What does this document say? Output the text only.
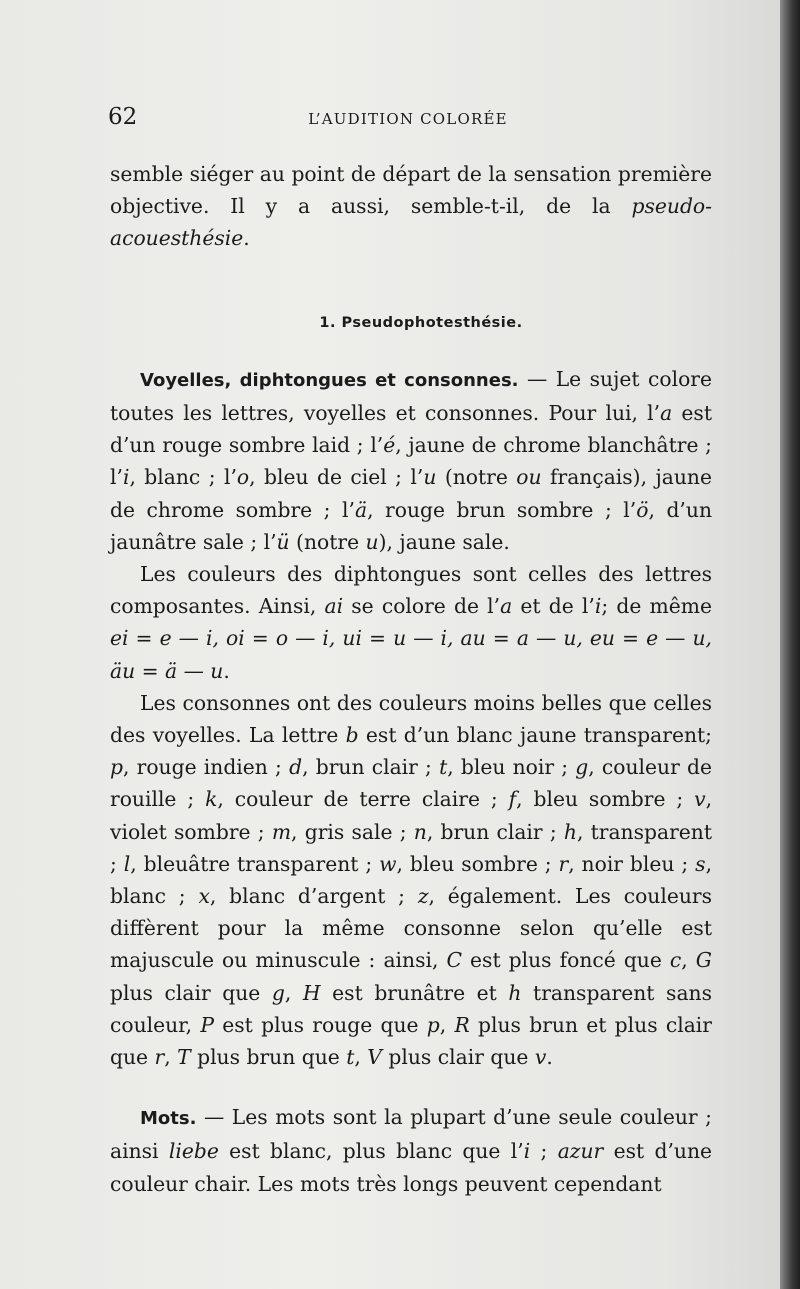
62	L’AUDITION COLORÉE

semble siéger au point de départ de la sensation première objective. Il y a aussi, semble-t-il, de la pseudo-acouesthésie.

1. Pseudophotesthésie.

Voyelles, diphtongues et consonnes. — Le sujet colore toutes les lettres, voyelles et consonnes. Pour lui, l’a est d’un rouge sombre laid ; l’é, jaune de chrome blanchâtre ; l’i, blanc ; l’o, bleu de ciel ; l’u (notre ou français), jaune de chrome sombre ; l’ä, rouge brun sombre ; l’ö, d’un jaunâtre sale ; l’ü (notre u), jaune sale.

Les couleurs des diphtongues sont celles des lettres composantes. Ainsi, ai se colore de l’a et de l’i; de même ei = e — i, oi = o — i, ui = u — i, au = a — u, eu = e — u, äu = ä — u.

Les consonnes ont des couleurs moins belles que celles des voyelles. La lettre b est d’un blanc jaune transparent; p, rouge indien ; d, brun clair ; t, bleu noir ; g, couleur de rouille ; k, couleur de terre claire ; f, bleu sombre ; v, violet sombre ; m, gris sale ; n, brun clair ; h, transparent ; l, bleuâtre transparent ; w, bleu sombre ; r, noir bleu ; s, blanc ; x, blanc d’argent ; z, également. Les couleurs diffèrent pour la même consonne selon qu’elle est majuscule ou minuscule : ainsi, C est plus foncé que c, G plus clair que g, H est brunâtre et h transparent sans couleur, P est plus rouge que p, R plus brun et plus clair que r, T plus brun que t, V plus clair que v.

Mots. — Les mots sont la plupart d’une seule couleur ; ainsi liebe est blanc, plus blanc que l’i ; azur est d’une couleur chair. Les mots très longs peuvent cependant
